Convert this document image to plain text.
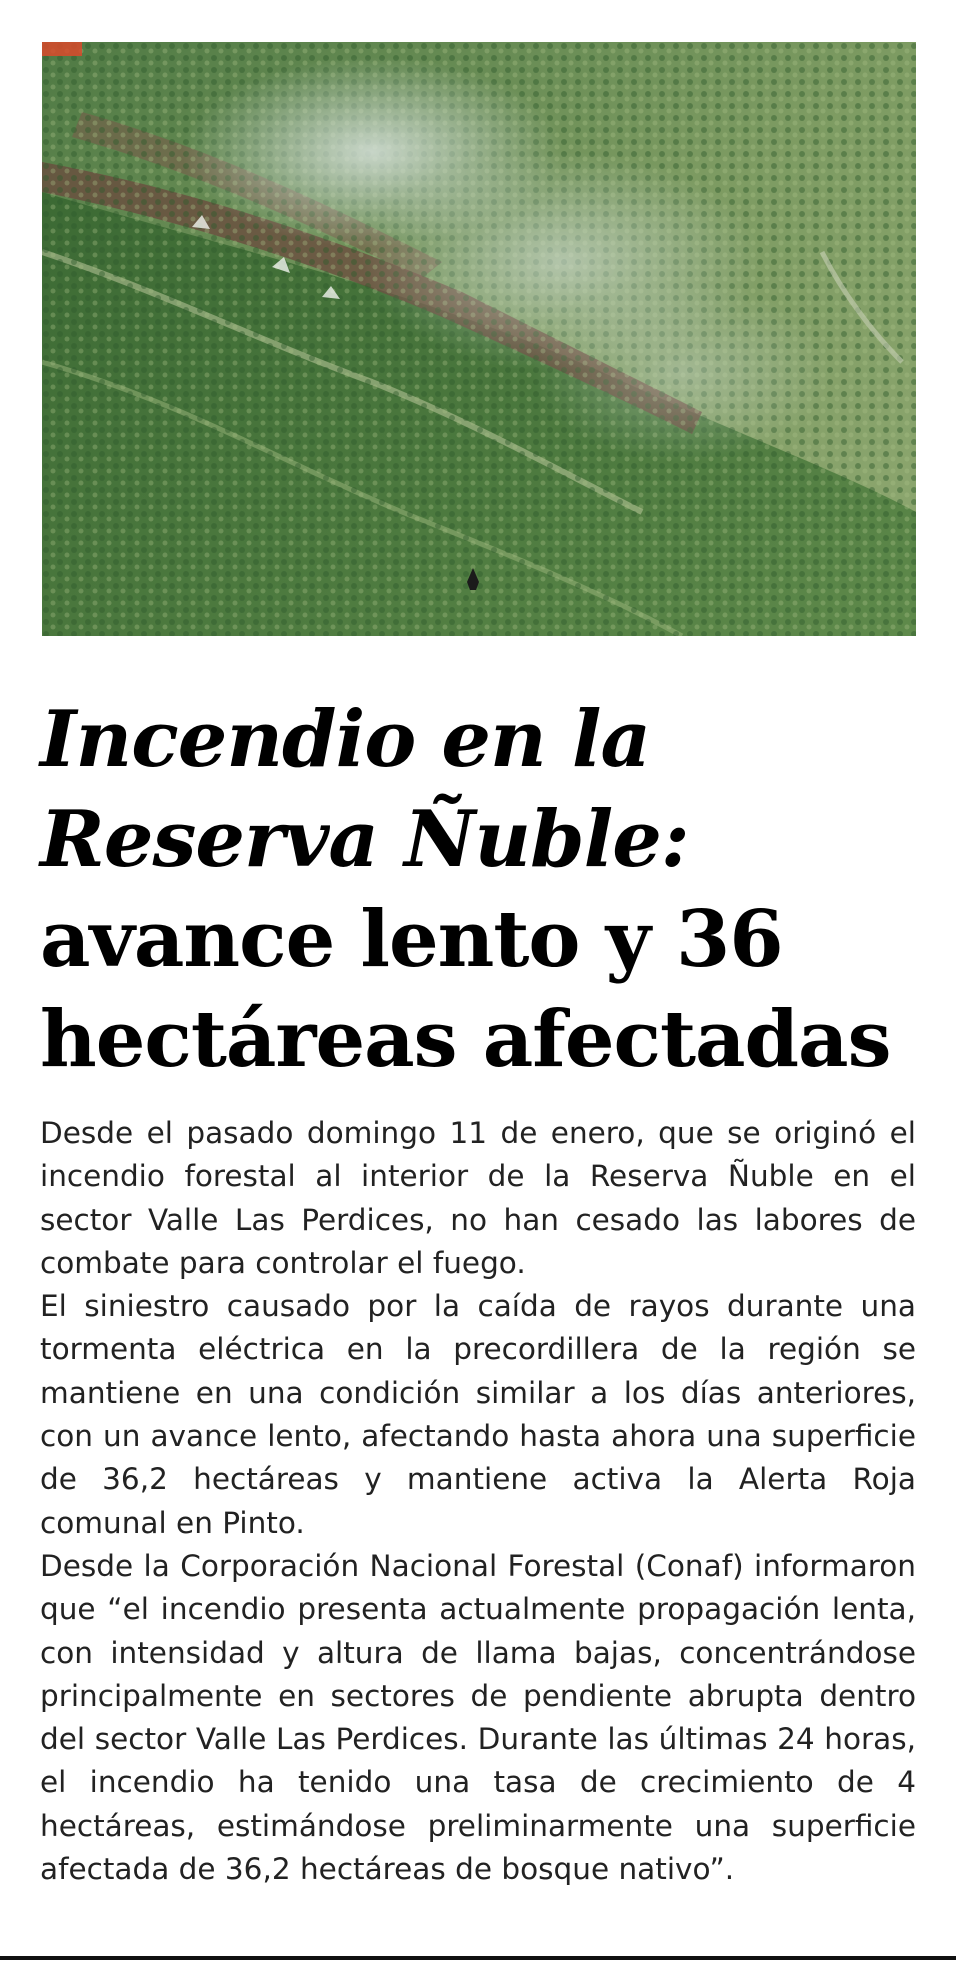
Incendio en la
Reserva Ñuble:
avance lento y 36
hectáreas afectadas

Desde el pasado domingo 11 de enero, que se originó el incendio forestal al interior de la Reserva Ñuble en el sector Valle Las Perdices, no han cesado las labores de combate para controlar el fuego.

El siniestro causado por la caída de rayos durante una tormenta eléctrica en la precordillera de la región se mantiene en una condición similar a los días anteriores, con un avance lento, afectando hasta ahora una superficie de 36,2 hectáreas y mantiene activa la Alerta Roja comunal en Pinto.

Desde la Corporación Nacional Forestal (Conaf) informaron que “el incendio presenta actualmente propagación lenta, con intensidad y altura de llama bajas, concentrándose principalmente en sectores de pendiente abrupta dentro del sector Valle Las Perdices. Durante las últimas 24 horas, el incendio ha tenido una tasa de crecimiento de 4 hectáreas, estimándose preliminarmente una superficie afectada de 36,2 hectáreas de bosque nativo”.
